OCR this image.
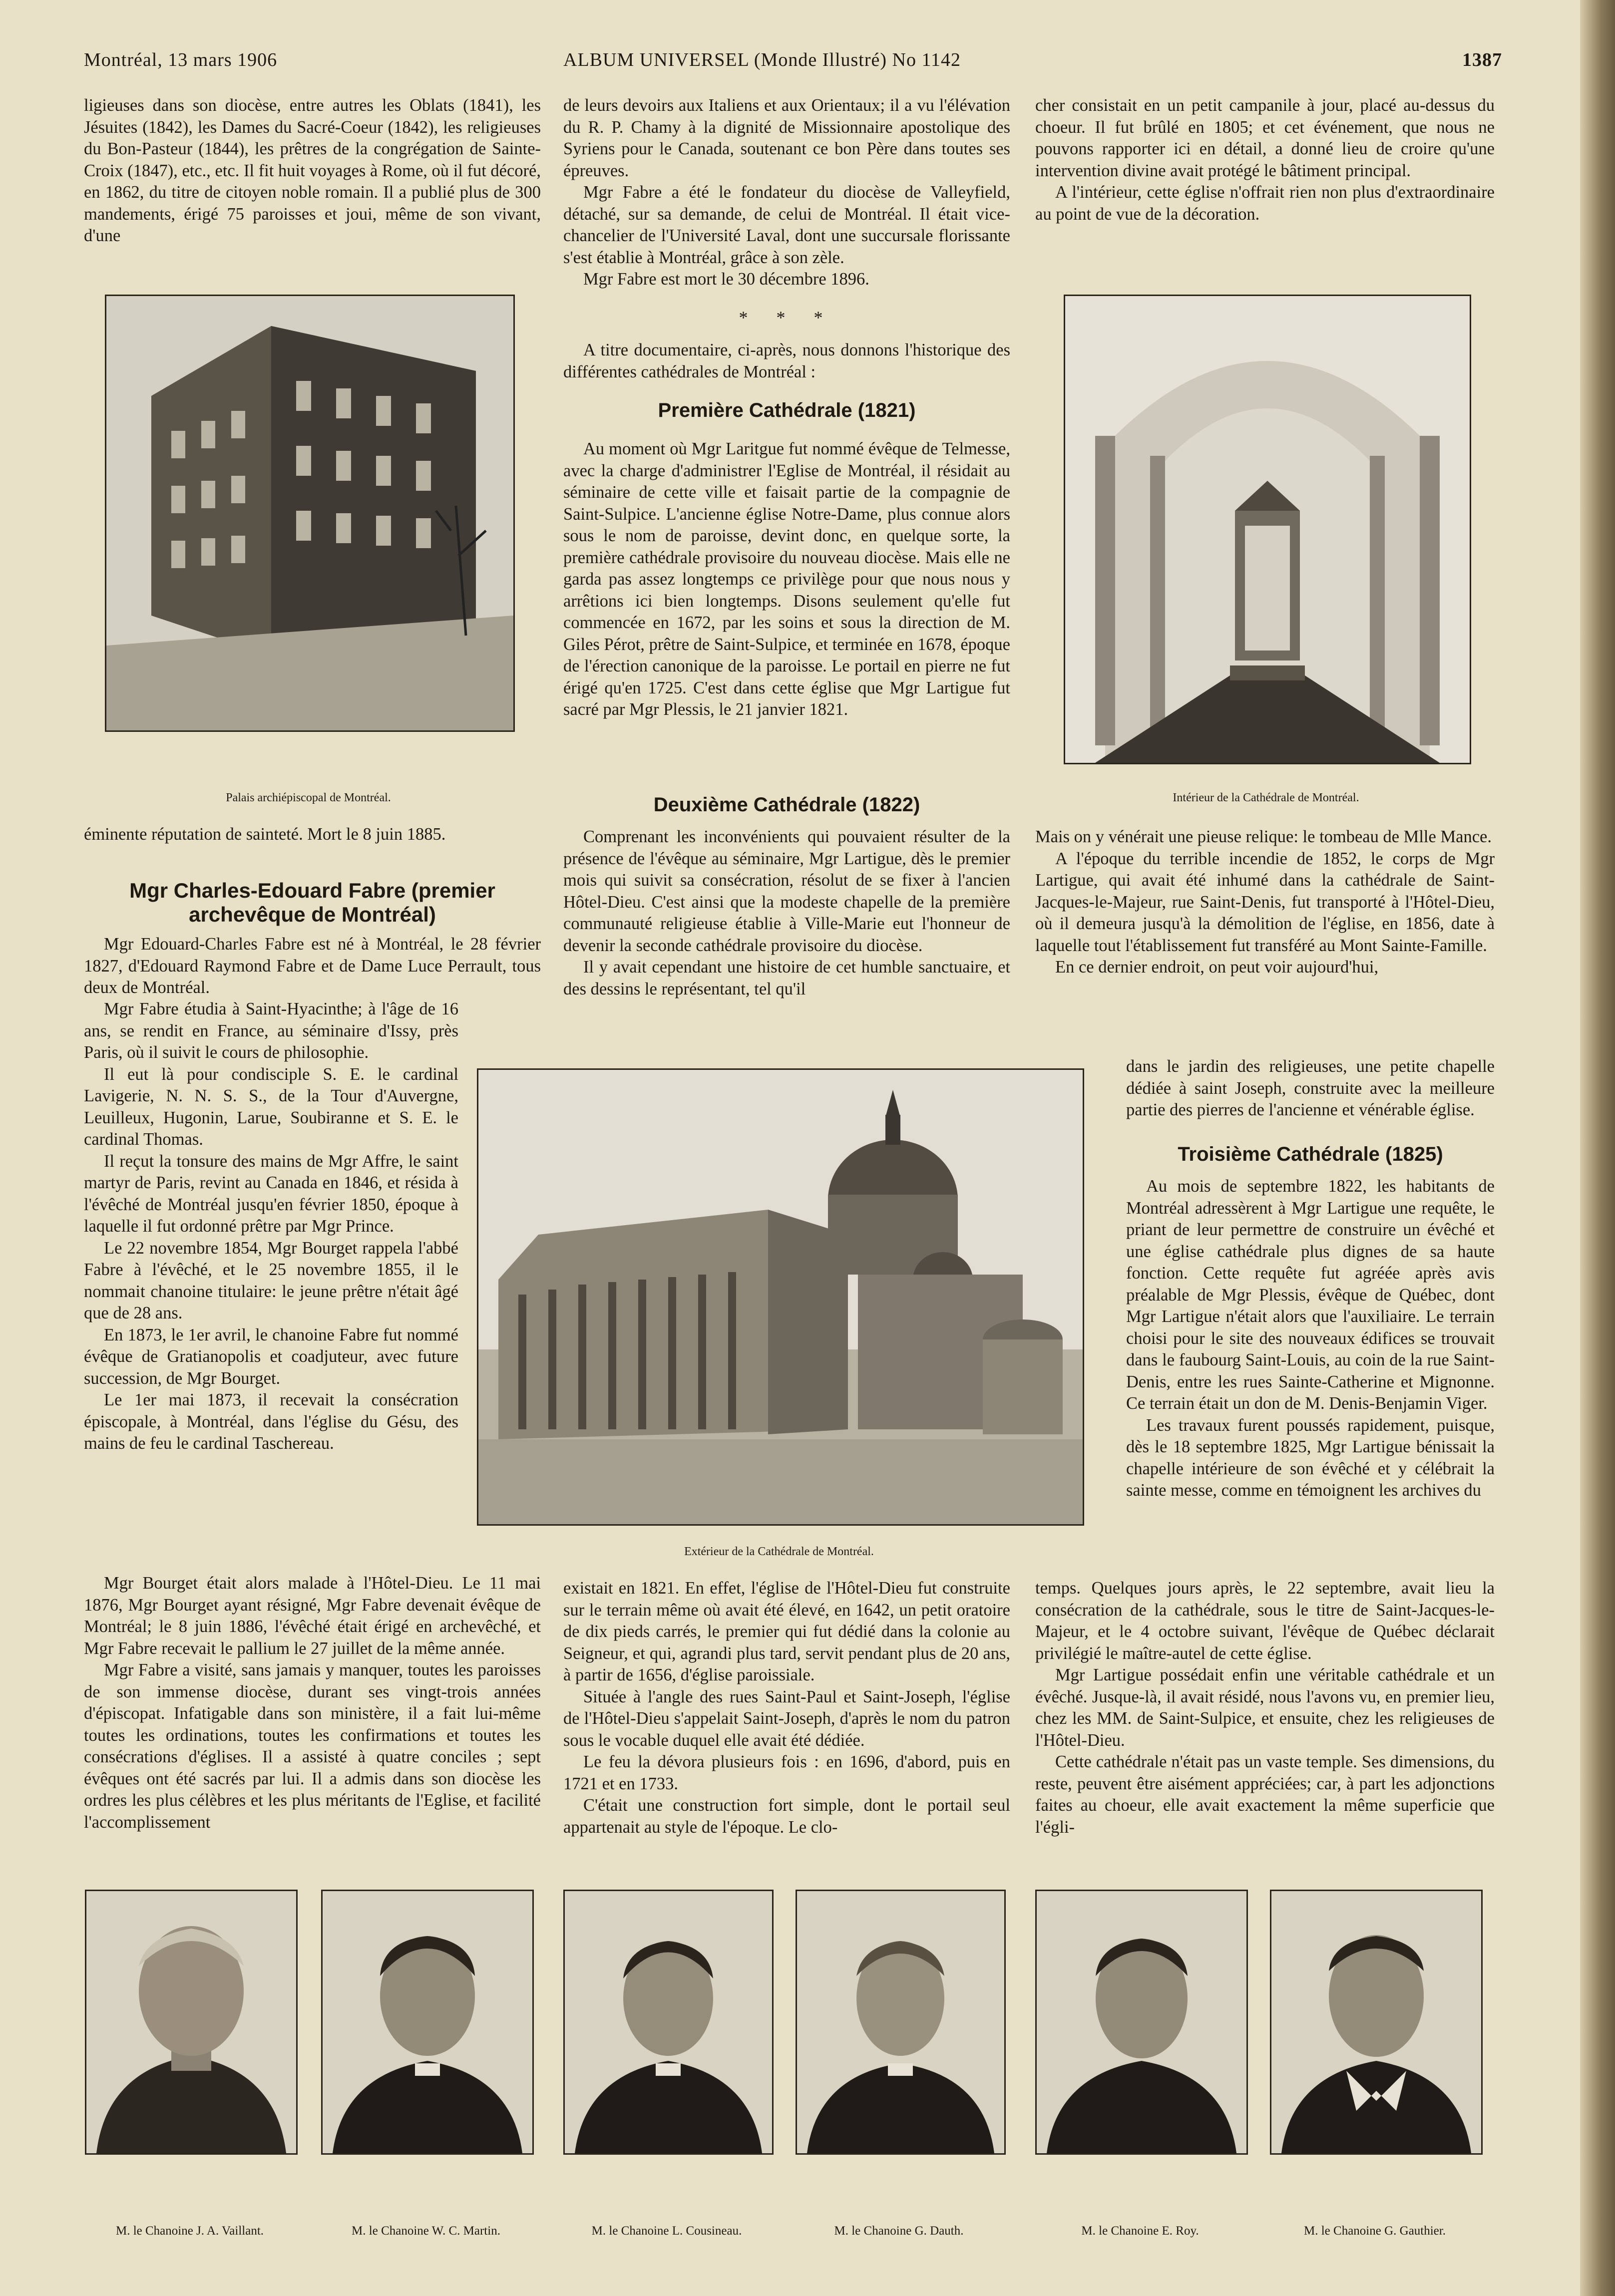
Montréal, 13 mars 1906	ALBUM UNIVERSEL (Monde Illustré) No 1142	1387

ligieuses dans son diocèse, entre autres les Oblats (1841), les Jésuites (1842), les Dames du Sacré-Coeur (1842), les religieuses du Bon-Pasteur (1844), les prêtres de la congrégation de Sainte-Croix (1847), etc., etc. Il fit huit voyages à Rome, où il fut décoré, en 1862, du titre de citoyen noble romain. Il a publié plus de 300 mandements, érigé 75 paroisses et joui, même de son vivant, d'une

Palais archiépiscopal de Montréal.

éminente réputation de sainteté. Mort le 8 juin 1885.

Mgr Charles-Edouard Fabre (premier archevêque de Montréal)

Mgr Edouard-Charles Fabre est né à Montréal, le 28 février 1827, d'Edouard Raymond Fabre et de Dame Luce Perrault, tous deux de Montréal.

Mgr Fabre étudia à Saint-Hyacinthe; à l'âge de 16 ans, se rendit en France, au séminaire d'Issy, près Paris, où il suivit le cours de philosophie.

Il eut là pour condisciple S. E. le cardinal Lavigerie, N. N. S. S., de la Tour d'Auvergne, Leuilleux, Hugonin, Larue, Soubiranne et S. E. le cardinal Thomas.

Il reçut la tonsure des mains de Mgr Affre, le saint martyr de Paris, revint au Canada en 1846, et résida à l'évêché de Montréal jusqu'en février 1850, époque à laquelle il fut ordonné prêtre par Mgr Prince.

Le 22 novembre 1854, Mgr Bourget rappela l'abbé Fabre à l'évêché, et le 25 novembre 1855, il le nommait chanoine titulaire: le jeune prêtre n'était âgé que de 28 ans.

En 1873, le 1er avril, le chanoine Fabre fut nommé évêque de Gratianopolis et coadjuteur, avec future succession, de Mgr Bourget.

Le 1er mai 1873, il recevait la consécration épiscopale, à Montréal, dans l'église du Gésu, des mains de feu le cardinal Taschereau.

Mgr Bourget était alors malade à l'Hôtel-Dieu. Le 11 mai 1876, Mgr Bourget ayant résigné, Mgr Fabre devenait évêque de Montréal; le 8 juin 1886, l'évêché était érigé en archevêché, et Mgr Fabre recevait le pallium le 27 juillet de la même année.

Mgr Fabre a visité, sans jamais y manquer, toutes les paroisses de son immense diocèse, durant ses vingt-trois années d'épiscopat. Infatigable dans son ministère, il a fait lui-même toutes les ordinations, toutes les confirmations et toutes les consécrations d'églises. Il a assisté à quatre conciles ; sept évêques ont été sacrés par lui. Il a admis dans son diocèse les ordres les plus célèbres et les plus méritants de l'Eglise, et facilité l'accomplissement

de leurs devoirs aux Italiens et aux Orientaux; il a vu l'élévation du R. P. Chamy à la dignité de Missionnaire apostolique des Syriens pour le Canada, soutenant ce bon Père dans toutes ses épreuves.

Mgr Fabre a été le fondateur du diocèse de Valleyfield, détaché, sur sa demande, de celui de Montréal. Il était vice-chancelier de l'Université Laval, dont une succursale florissante s'est établie à Montréal, grâce à son zèle.

Mgr Fabre est mort le 30 décembre 1896.

* * *

A titre documentaire, ci-après, nous donnons l'historique des différentes cathédrales de Montréal :

Première Cathédrale (1821)

Au moment où Mgr Laritgue fut nommé évêque de Telmesse, avec la charge d'administrer l'Eglise de Montréal, il résidait au séminaire de cette ville et faisait partie de la compagnie de Saint-Sulpice. L'ancienne église Notre-Dame, plus connue alors sous le nom de paroisse, devint donc, en quelque sorte, la première cathédrale provisoire du nouveau diocèse. Mais elle ne garda pas assez longtemps ce privilège pour que nous nous y arrêtions ici bien longtemps. Disons seulement qu'elle fut commencée en 1672, par les soins et sous la direction de M. Giles Pérot, prêtre de Saint-Sulpice, et terminée en 1678, époque de l'érection canonique de la paroisse. Le portail en pierre ne fut érigé qu'en 1725. C'est dans cette église que Mgr Lartigue fut sacré par Mgr Plessis, le 21 janvier 1821.

Deuxième Cathédrale (1822)

Comprenant les inconvénients qui pouvaient résulter de la présence de l'évêque au séminaire, Mgr Lartigue, dès le premier mois qui suivit sa consécration, résolut de se fixer à l'ancien Hôtel-Dieu. C'est ainsi que la modeste chapelle de la première communauté religieuse établie à Ville-Marie eut l'honneur de devenir la seconde cathédrale provisoire du diocèse.

Il y avait cependant une histoire de cet humble sanctuaire, et des dessins le représentant, tel qu'il

Extérieur de la Cathédrale de Montréal.

existait en 1821. En effet, l'église de l'Hôtel-Dieu fut construite sur le terrain même où avait été élevé, en 1642, un petit oratoire de dix pieds carrés, le premier qui fut dédié dans la colonie au Seigneur, et qui, agrandi plus tard, servit pendant plus de 20 ans, à partir de 1656, d'église paroissiale.

Située à l'angle des rues Saint-Paul et Saint-Joseph, l'église de l'Hôtel-Dieu s'appelait Saint-Joseph, d'après le nom du patron sous le vocable duquel elle avait été dédiée.

Le feu la dévora plusieurs fois : en 1696, d'abord, puis en 1721 et en 1733.

C'était une construction fort simple, dont le portail seul appartenait au style de l'époque. Le clo-

cher consistait en un petit campanile à jour, placé au-dessus du choeur. Il fut brûlé en 1805; et cet événement, que nous ne pouvons rapporter ici en détail, a donné lieu de croire qu'une intervention divine avait protégé le bâtiment principal.

A l'intérieur, cette église n'offrait rien non plus d'extraordinaire au point de vue de la décoration.

Intérieur de la Cathédrale de Montréal.

Mais on y vénérait une pieuse relique: le tombeau de Mlle Mance.

A l'époque du terrible incendie de 1852, le corps de Mgr Lartigue, qui avait été inhumé dans la cathédrale de Saint-Jacques-le-Majeur, rue Saint-Denis, fut transporté à l'Hôtel-Dieu, où il demeura jusqu'à la démolition de l'église, en 1856, date à laquelle tout l'établissement fut transféré au Mont Sainte-Famille.

En ce dernier endroit, on peut voir aujourd'hui,

dans le jardin des religieuses, une petite chapelle dédiée à saint Joseph, construite avec la meilleure partie des pierres de l'ancienne et vénérable église.

Troisième Cathédrale (1825)

Au mois de septembre 1822, les habitants de Montréal adressèrent à Mgr Lartigue une requête, le priant de leur permettre de construire un évêché et une église cathédrale plus dignes de sa haute fonction. Cette requête fut agréée après avis préalable de Mgr Plessis, évêque de Québec, dont Mgr Lartigue n'était alors que l'auxiliaire. Le terrain choisi pour le site des nouveaux édifices se trouvait dans le faubourg Saint-Louis, au coin de la rue Saint-Denis, entre les rues Sainte-Catherine et Mignonne. Ce terrain était un don de M. Denis-Benjamin Viger.

Les travaux furent poussés rapidement, puisque, dès le 18 septembre 1825, Mgr Lartigue bénissait la chapelle intérieure de son évêché et y célébrait la sainte messe, comme en témoignent les archives du

temps. Quelques jours après, le 22 septembre, avait lieu la consécration de la cathédrale, sous le titre de Saint-Jacques-le-Majeur, et le 4 octobre suivant, l'évêque de Québec déclarait privilégié le maître-autel de cette église.

Mgr Lartigue possédait enfin une véritable cathédrale et un évêché. Jusque-là, il avait résidé, nous l'avons vu, en premier lieu, chez les MM. de Saint-Sulpice, et ensuite, chez les religieuses de l'Hôtel-Dieu.

Cette cathédrale n'était pas un vaste temple. Ses dimensions, du reste, peuvent être aisément appréciées; car, à part les adjonctions faites au choeur, elle avait exactement la même superficie que l'égli-

M. le Chanoine J. A. Vaillant.	M. le Chanoine W. C. Martin.	M. le Chanoine L. Cousineau.	M. le Chanoine G. Dauth.	M. le Chanoine E. Roy.	M. le Chanoine G. Gauthier.
